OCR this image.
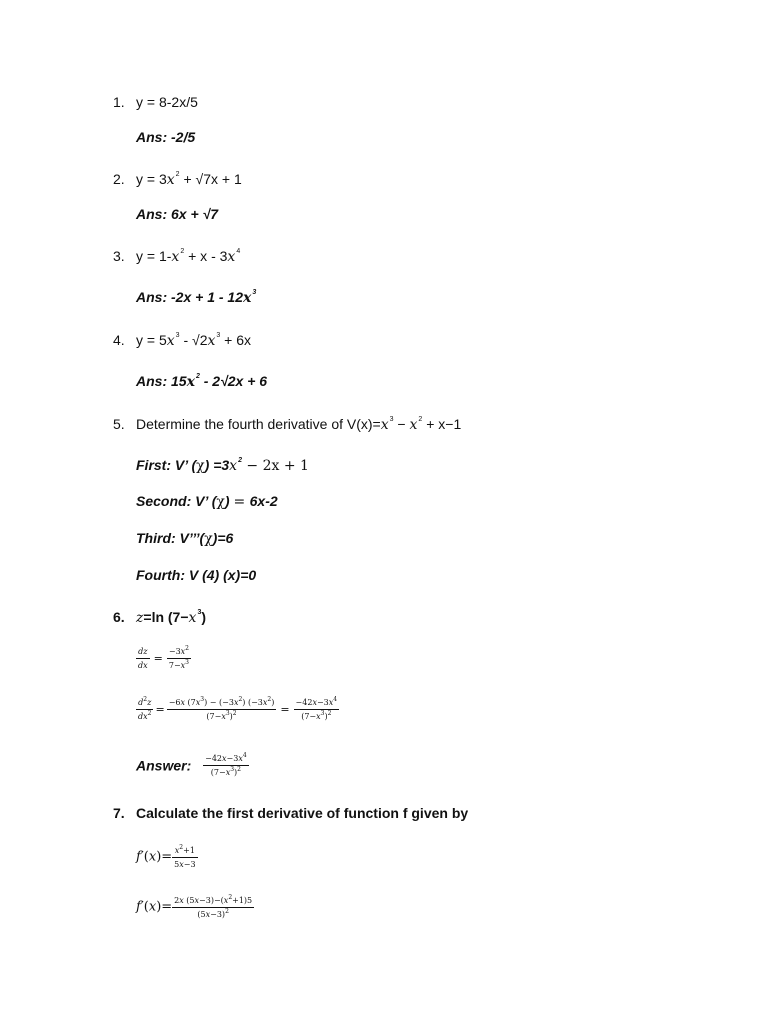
1. y = 8-2x/5
Ans: -2/5
2. $y = 3x^2 + √7x + 1$
Ans: 6x + √7
3. $y = 1-x^2 + x - 3x^4$
Ans: $-2x + 1 - 12x^3$
4. $y = 5x^3 - √2x^3 + 6x$
Ans: $15x^2 - 2√2x + 6$
5. Determine the fourth derivative of $V(x)=x^3 - x^2 + x-1$
First: V’ $(\chi) =3x^2 - 2x + 1$
Second: V’ (χ) = 6x-2
Third: V’’’(χ)=6
Fourth: V (4) (x)=0
6. z=ln $(7-x^3)$
$\frac{dz}{dx} = \frac{-3x^2}{7-x^3}$
$\frac{d^2z}{dx^2} = \frac{-6x (7x^3) - (-3x^2) (-3x^2)}{(7-x^3)^2} = \frac{-42x-3x^4}{(7-x^3)^2}$
Answer: $\frac{-42x-3x^4}{(7-x^3)^2}$
7. Calculate the first derivative of function f given by
$f'(x)= \frac{x^2+1}{5x-3}$
$f'(x)= \frac{2x (5x-3)-(x^2+1)5}{(5x-3)^2}$
